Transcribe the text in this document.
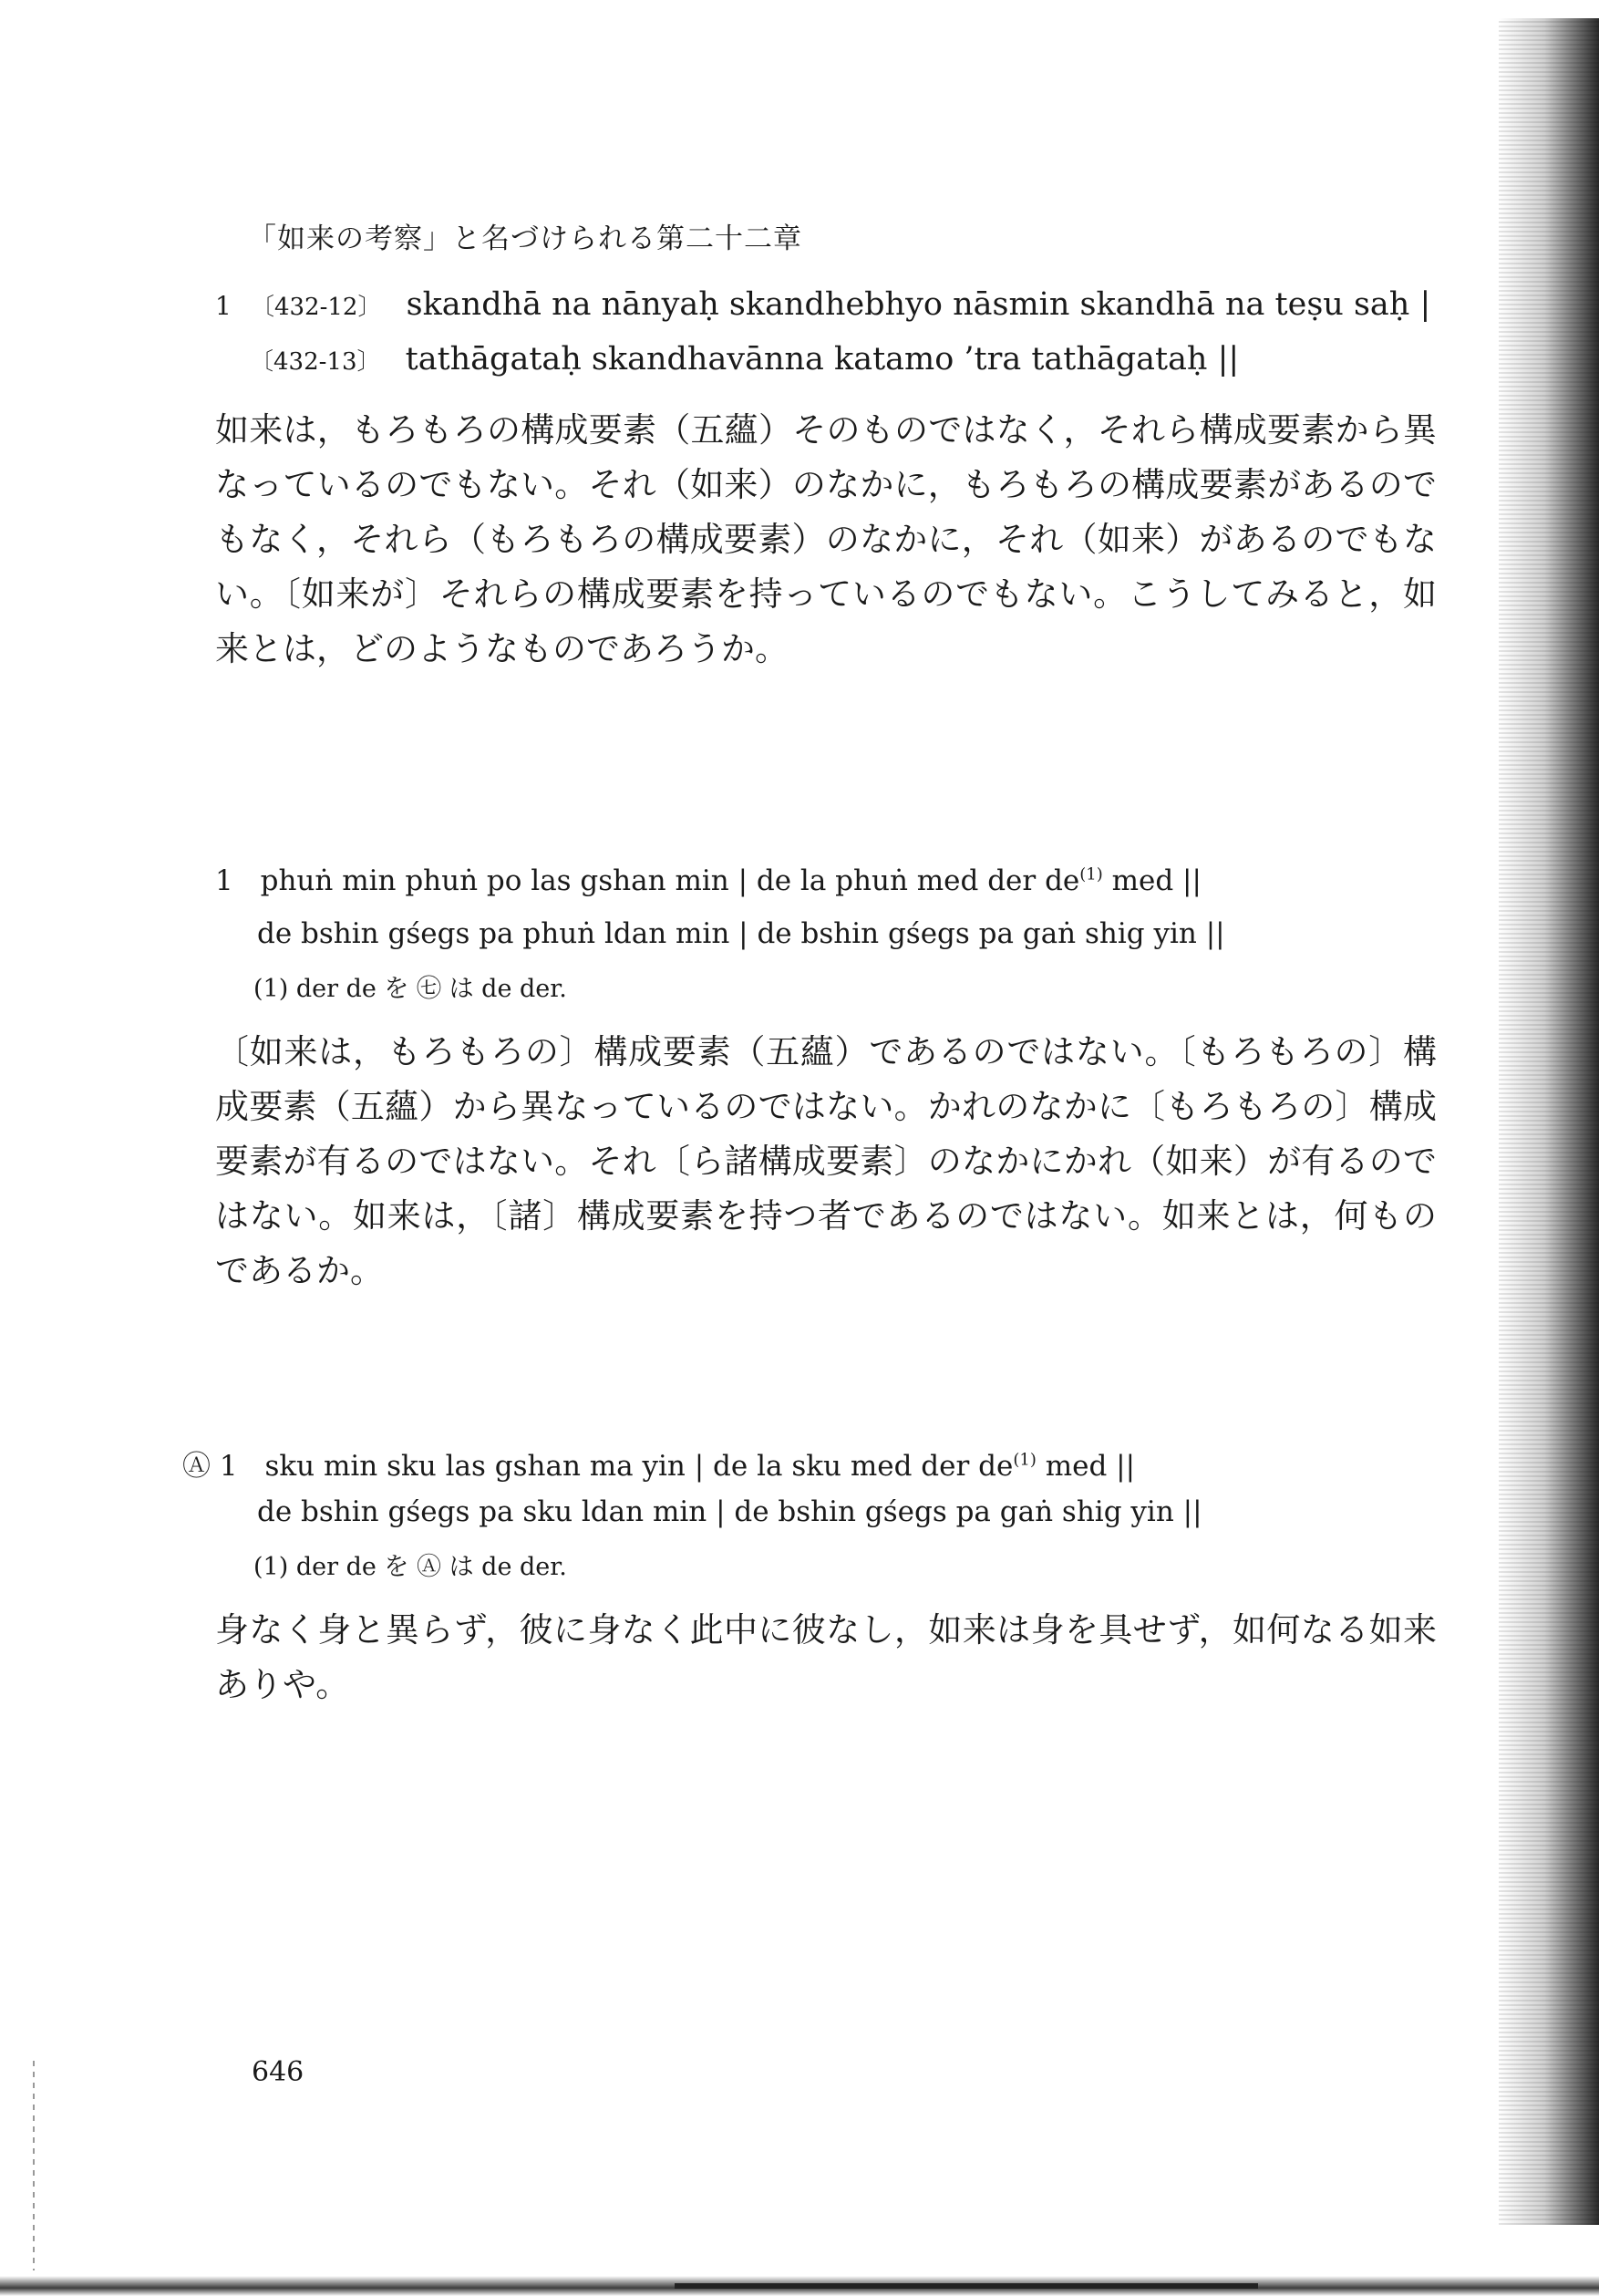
「如来の考察」と名づけられる第二十二章
1 〔432-12〕 skandhā na nānyaḥ skandhebhyo nāsmin skandhā na teṣu saḥ |
〔432-13〕 tathāgataḥ skandhavānna katamo ’tra tathāgataḥ ||
如来は，もろもろの構成要素（五蘊）そのものではなく，それら構成要素から異なっているのでもない。それ（如来）のなかに，もろもろの構成要素があるのでもなく，それら（もろもろの構成要素）のなかに，それ（如来）があるのでもない。〔如来が〕それらの構成要素を持っているのでもない。こうしてみると，如来とは，どのようなものであろうか。
1 phuṅ min phuṅ po las gshan min | de la phuṅ med der $de^{(1)}$ med ||
de bshin gśegs pa phuṅ ldan min | de bshin gśegs pa gaṅ shig yin ||
(1) der de を ㊆ は de der.
〔如来は，もろもろの〕構成要素（五蘊）であるのではない。〔もろもろの〕構成要素（五蘊）から異なっているのではない。かれのなかに〔もろもろの〕構成要素が有るのではない。それ〔ら諸構成要素〕のなかにかれ（如来）が有るのではない。如来は，〔諸〕構成要素を持つ者であるのではない。如来とは，何ものであるか。
Ⓐ 1 sku min sku las gshan ma yin | de la sku med der $de^{(1)}$ med ||
de bshin gśegs pa sku ldan min | de bshin gśegs pa gaṅ shig yin ||
(1) der de を Ⓐ は de der.
身なく身と異らず，彼に身なく此中に彼なし，如来は身を具せず，如何なる如来ありや。
646
